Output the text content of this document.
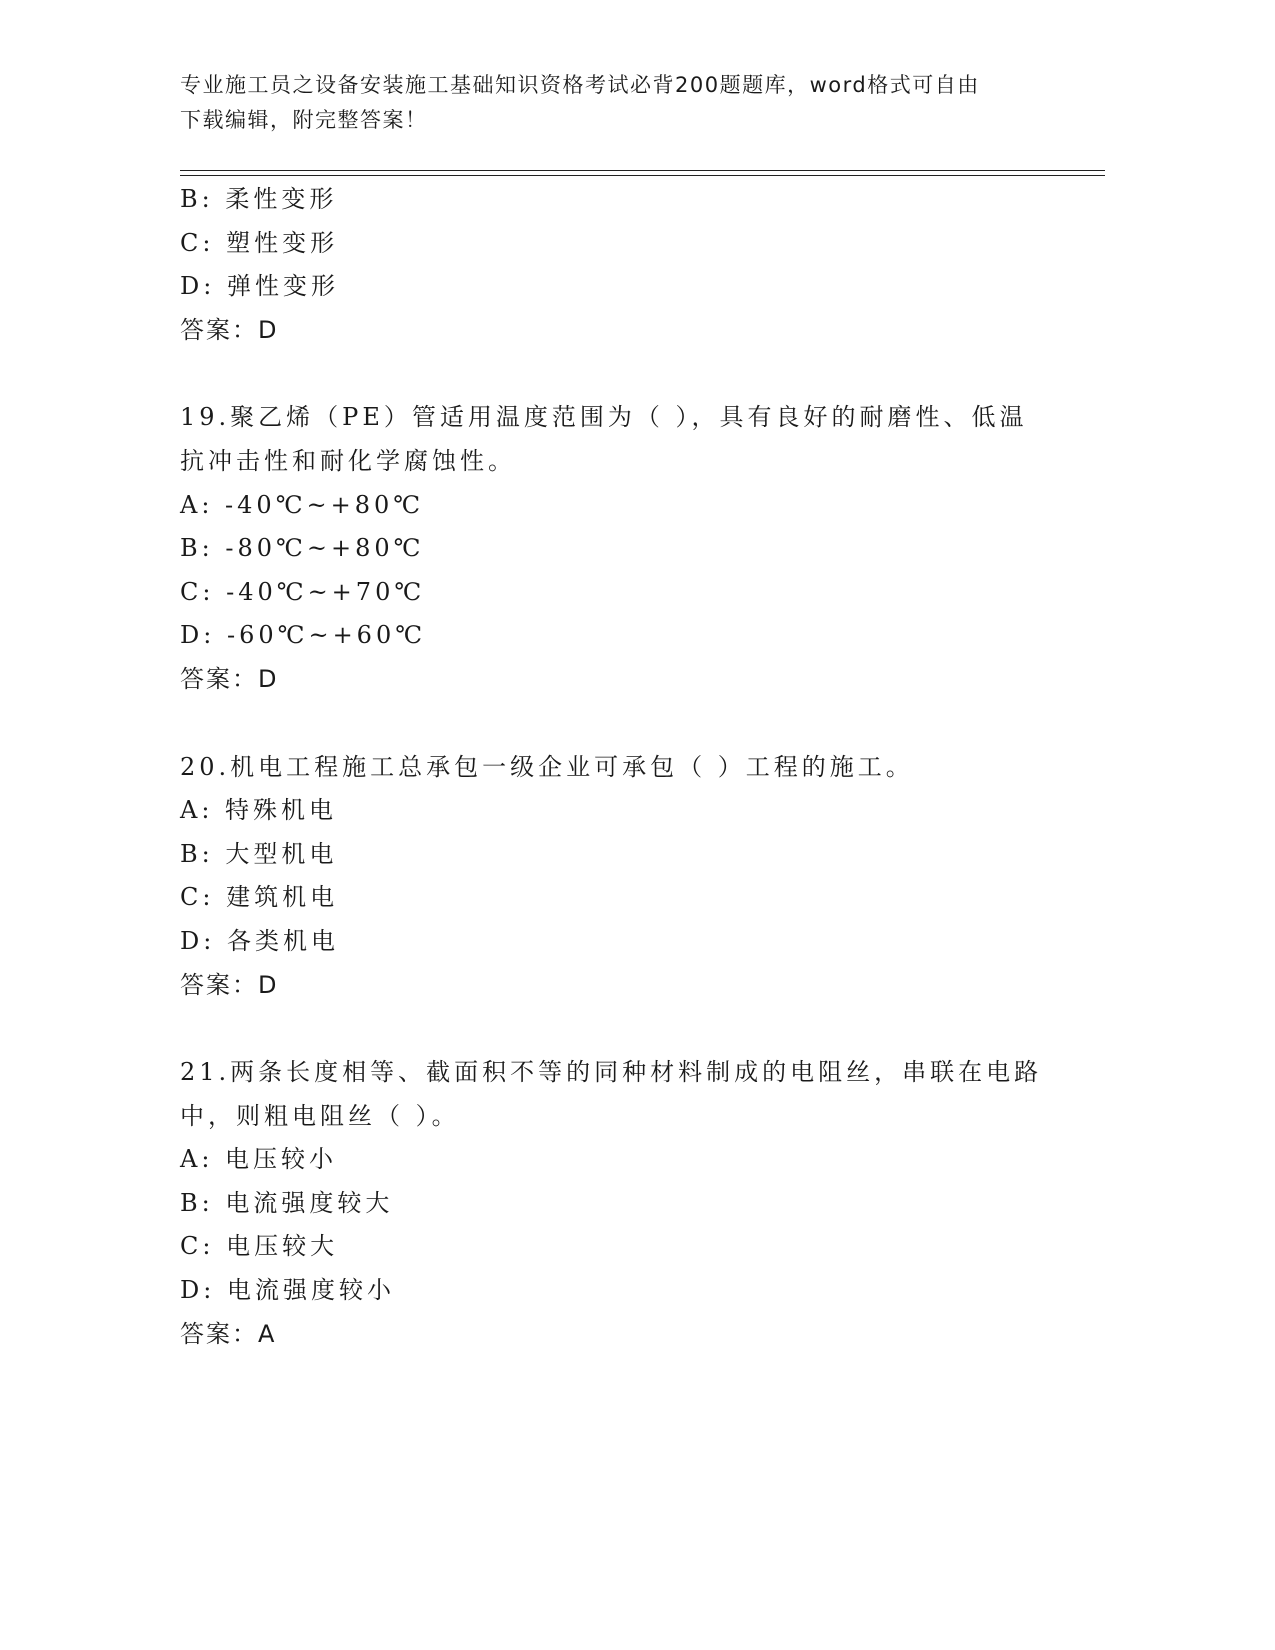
专业施工员之设备安装施工基础知识资格考试必背200题题库，word格式可自由
下载编辑，附完整答案！
B: 柔性变形
C: 塑性变形
D: 弹性变形
答案：D
19.聚乙烯（PE）管适用温度范围为（ ），具有良好的耐磨性、低温
抗冲击性和耐化学腐蚀性。
A: -40℃~+80℃
B: -80℃~+80℃
C: -40℃~+70℃
D: -60℃~+60℃
答案：D
20.机电工程施工总承包一级企业可承包（ ）工程的施工。
A: 特殊机电
B: 大型机电
C: 建筑机电
D: 各类机电
答案：D
21.两条长度相等、截面积不等的同种材料制成的电阻丝，串联在电路
中，则粗电阻丝（ ）。
A: 电压较小
B: 电流强度较大
C: 电压较大
D: 电流强度较小
答案：A
